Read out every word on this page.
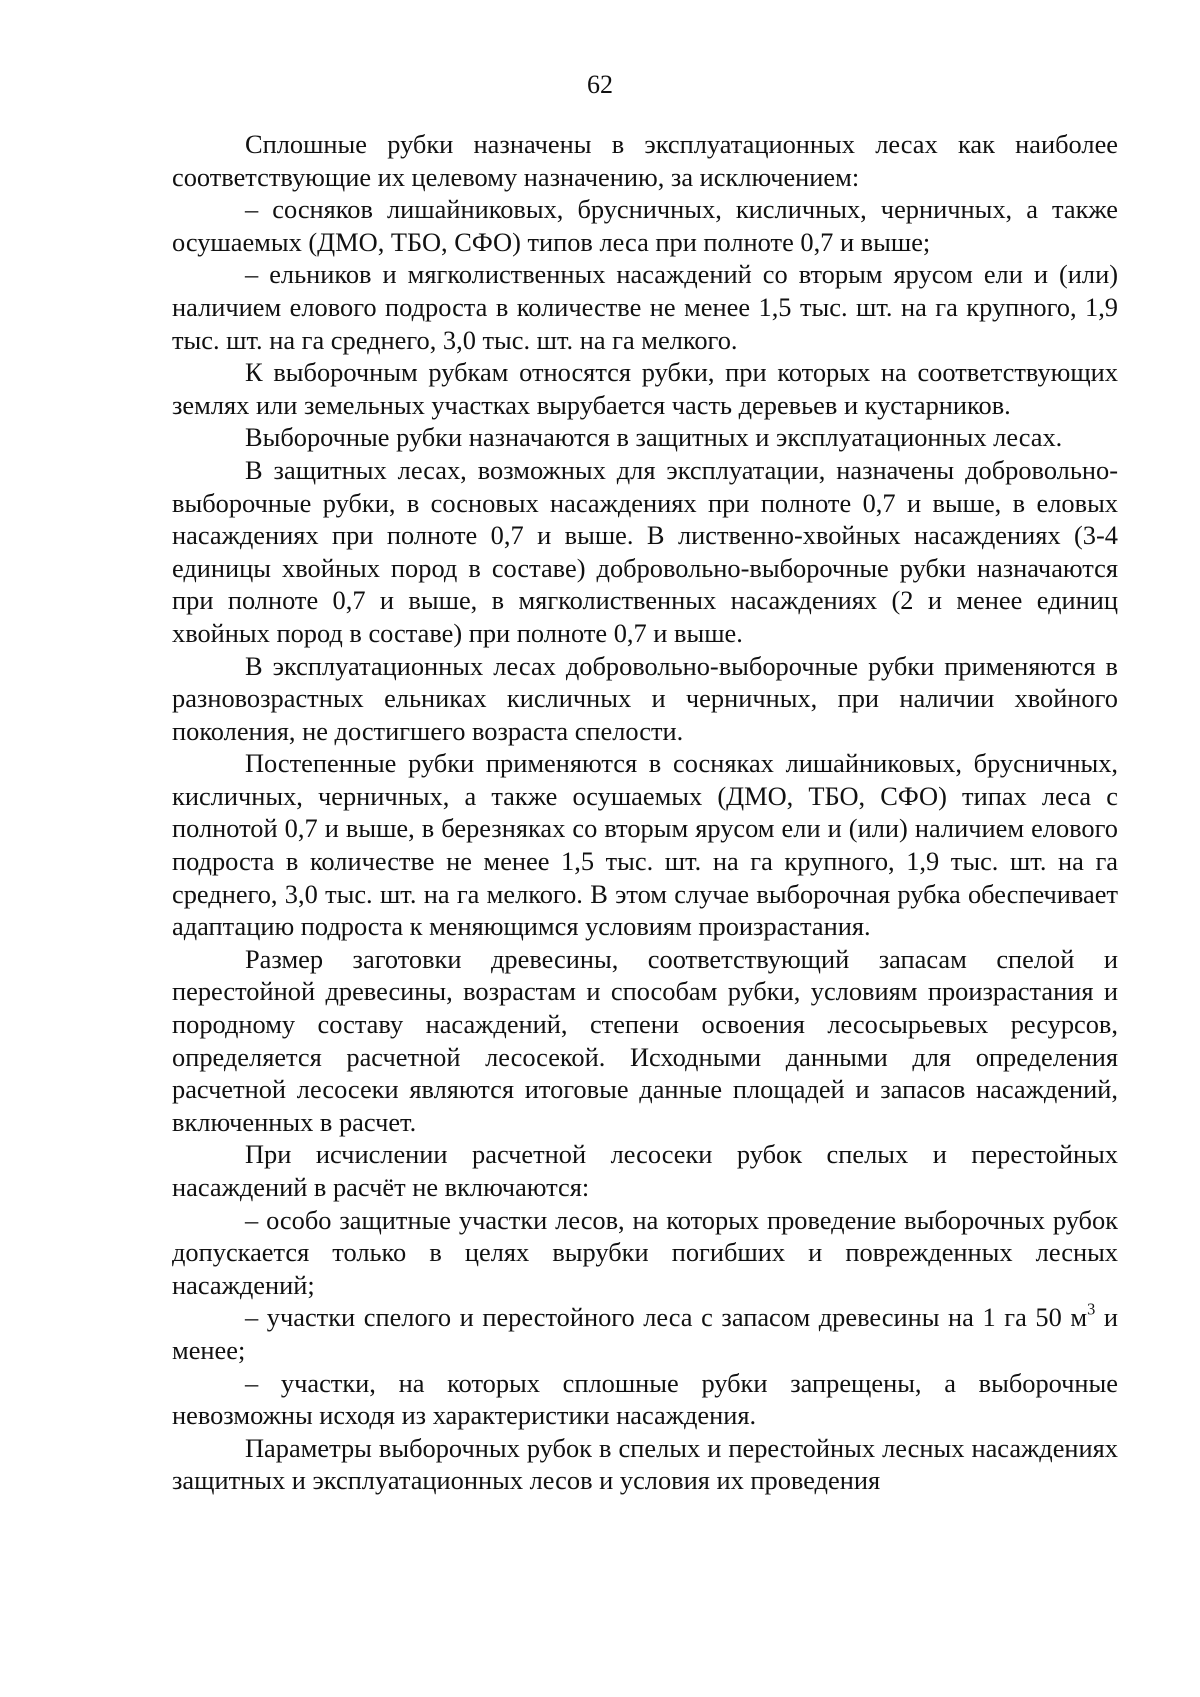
62

Сплошные рубки назначены в эксплуатационных лесах как наиболее соответствующие их целевому назначению, за исключением:

– сосняков лишайниковых, брусничных, кисличных, черничных, а также осушаемых (ДМО, ТБО, СФО) типов леса при полноте 0,7 и выше;

– ельников и мягколиственных насаждений со вторым ярусом ели и (или) наличием елового подроста в количестве не менее 1,5 тыс. шт. на га крупного, 1,9 тыс. шт. на га среднего, 3,0 тыс. шт. на га мелкого.

К выборочным рубкам относятся рубки, при которых на соответствующих землях или земельных участках вырубается часть деревьев и кустарников.

Выборочные рубки назначаются в защитных и эксплуатационных лесах.

В защитных лесах, возможных для эксплуатации, назначены добровольно-выборочные рубки, в сосновых насаждениях при полноте 0,7 и выше, в еловых насаждениях при полноте 0,7 и выше. В лиственно-хвойных насаждениях (3-4 единицы хвойных пород в составе) добровольно-выборочные рубки назначаются при полноте 0,7 и выше, в мягколиственных насаждениях (2 и менее единиц хвойных пород в составе) при полноте 0,7 и выше.

В эксплуатационных лесах добровольно-выборочные рубки применяются в разновозрастных ельниках кисличных и черничных, при наличии хвойного поколения, не достигшего возраста спелости.

Постепенные рубки применяются в сосняках лишайниковых, брусничных, кисличных, черничных, а также осушаемых (ДМО, ТБО, СФО) типах леса с полнотой 0,7 и выше, в березняках со вторым ярусом ели и (или) наличием елового подроста в количестве не менее 1,5 тыс. шт. на га крупного, 1,9 тыс. шт. на га среднего, 3,0 тыс. шт. на га мелкого. В этом случае выборочная рубка обеспечивает адаптацию подроста к меняющимся условиям произрастания.

Размер заготовки древесины, соответствующий запасам спелой и перестойной древесины, возрастам и способам рубки, условиям произрастания и породному составу насаждений, степени освоения лесосырьевых ресурсов, определяется расчетной лесосекой. Исходными данными для определения расчетной лесосеки являются итоговые данные площадей и запасов насаждений, включенных в расчет.

При исчислении расчетной лесосеки рубок спелых и перестойных насаждений в расчёт не включаются:

– особо защитные участки лесов, на которых проведение выборочных рубок допускается только в целях вырубки погибших и поврежденных лесных насаждений;

– участки спелого и перестойного леса с запасом древесины на 1 га 50 $м^3$ и менее;

– участки, на которых сплошные рубки запрещены, а выборочные невозможны исходя из характеристики насаждения.

Параметры выборочных рубок в спелых и перестойных лесных насаждениях защитных и эксплуатационных лесов и условия их проведения
